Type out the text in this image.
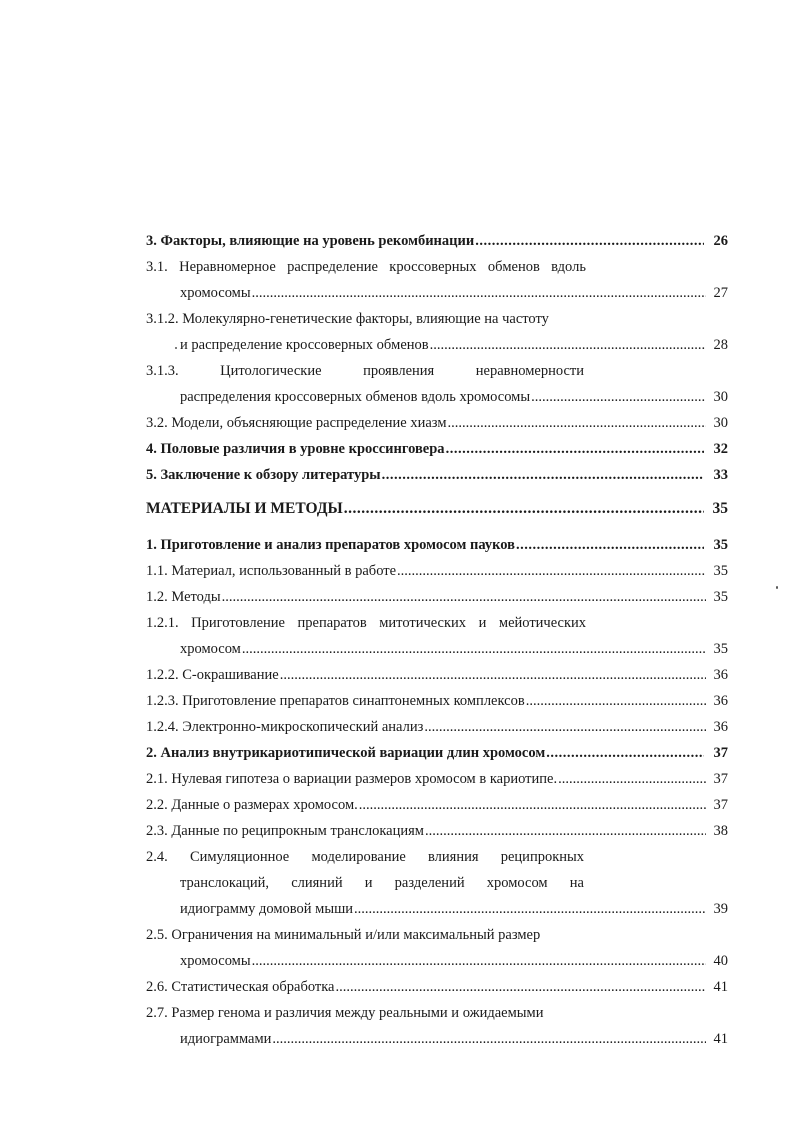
3. Факторы, влияющие на уровень рекомбинации .....	26
3.1. Неравномерное распределение кроссоверных обменов вдоль
хромосомы .....	27
3.1.2. Молекулярно-генетические факторы, влияющие на частоту
и распределение кроссоверных обменов .....	28
3.1.3.	Цитологические	проявления	неравномерности
распределения кроссоверных обменов вдоль хромосомы .....	30
3.2. Модели, объясняющие распределение хиазм .....	30
4. Половые различия в уровне кроссинговера .....	32
5. Заключение к обзору литературы .....	33
МАТЕРИАЛЫ И МЕТОДЫ .....	35
1. Приготовление и анализ препаратов хромосом пауков .....	35
1.1. Материал, использованный в работе .....	35
1.2. Методы .....	35
1.2.1. Приготовление препаратов митотических и мейотических
хромосом .....	35
1.2.2. С-окрашивание .....	36
1.2.3. Приготовление препаратов синаптонемных комплексов .....	36
1.2.4. Электронно-микроскопический анализ .....	36
2. Анализ внутрикариотипической вариации длин хромосом .....	37
2.1. Нулевая гипотеза о вариации размеров хромосом в кариотипе. .....	37
2.2. Данные о размерах хромосом. .....	37
2.3. Данные по реципрокным транслокациям .....	38
2.4. Симуляционное моделирование влияния реципрокных
транслокаций, слияний и разделений хромосом на
идиограмму домовой мыши .....	39
2.5. Ограничения на минимальный и/или максимальный размер
хромосомы .....	40
2.6. Статистическая обработка .....	41
2.7. Размер генома и различия между реальными и ожидаемыми
идиограммами .....	41
